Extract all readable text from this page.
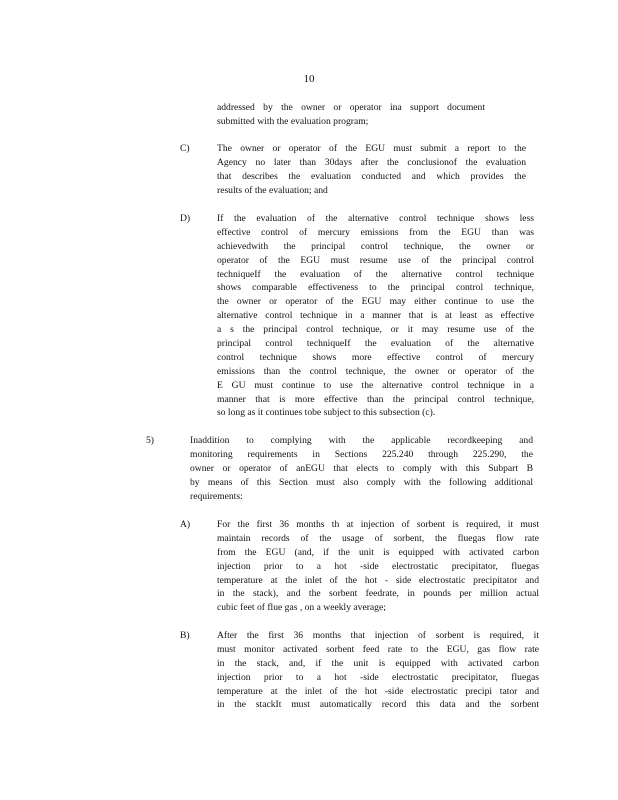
10
addressed by the owner or operator ina support document
submitted with the evaluation program;
C)	The owner or operator of the EGU must submit a report to the
Agency no later than 30days after the conclusionof the evaluation
that describes the evaluation conducted and which provides the
results of the evaluation; and
D)	If the evaluation of the alternative control technique shows less
effective control of mercury emissions from the EGU than was
achievedwith the principal control technique, the owner or
operator of the EGU must resume use of the principal control
techniqueIf the evaluation of the alternative control technique
shows comparable effectiveness to the principal control technique,
the owner or operator of the EGU may either continue to use the
alternative control technique in a manner that is at least as effective
a s the principal control technique, or it may resume use of the
principal control techniqueIf the evaluation of the alternative
control technique shows more effective control of mercury
emissions than the control technique, the owner or operator of the
E GU must continue to use the alternative control technique in a
manner that is more effective than the principal control technique,
so long as it continues tobe subject to this subsection (c).
5)	Inaddition to complying with the applicable recordkeeping and
monitoring requirements in Sections 225.240 through 225.290, the
owner or operator of anEGU that elects to comply with this Subpart B
by means of this Section must also comply with the following additional
requirements:
A)	For the first 36 months th at injection of sorbent is required, it must
maintain records of the usage of sorbent, the fluegas flow rate
from the EGU (and, if the unit is equipped with activated carbon
injection prior to a hot -side electrostatic precipitator, fluegas
temperature at the inlet of the hot - side electrostatic precipitator and
in the stack), and the sorbent feedrate, in pounds per million actual
cubic feet of flue gas , on a weekly average;
B)	After the first 36 months that injection of sorbent is required, it
must monitor activated sorbent feed rate to the EGU, gas flow rate
in the stack, and, if the unit is equipped with activated carbon
injection prior to a hot -side electrostatic precipitator, fluegas
temperature at the inlet of the hot -side electrostatic precipi tator and
in the stackIt must automatically record this data and the sorbent
